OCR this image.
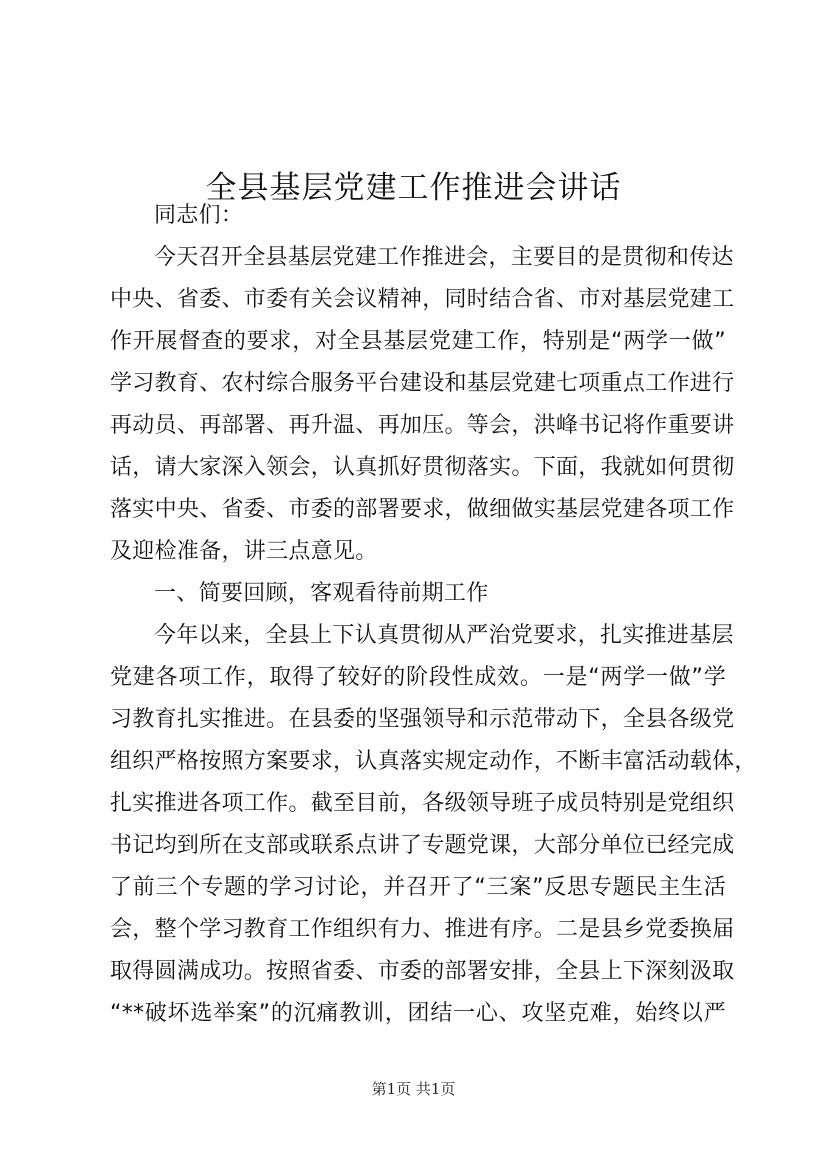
全县基层党建工作推进会讲话
同志们：
今天召开全县基层党建工作推进会，主要目的是贯彻和传达
中央、省委、市委有关会议精神，同时结合省、市对基层党建工
作开展督查的要求，对全县基层党建工作，特别是“两学一做”
学习教育、农村综合服务平台建设和基层党建七项重点工作进行
再动员、再部署、再升温、再加压。等会，洪峰书记将作重要讲
话，请大家深入领会，认真抓好贯彻落实。下面，我就如何贯彻
落实中央、省委、市委的部署要求，做细做实基层党建各项工作
及迎检准备，讲三点意见。
一、简要回顾，客观看待前期工作
今年以来，全县上下认真贯彻从严治党要求，扎实推进基层
党建各项工作，取得了较好的阶段性成效。一是“两学一做”学
习教育扎实推进。在县委的坚强领导和示范带动下，全县各级党
组织严格按照方案要求，认真落实规定动作，不断丰富活动载体，
扎实推进各项工作。截至目前，各级领导班子成员特别是党组织
书记均到所在支部或联系点讲了专题党课，大部分单位已经完成
了前三个专题的学习讨论，并召开了“三案”反思专题民主生活
会，整个学习教育工作组织有力、推进有序。二是县乡党委换届
取得圆满成功。按照省委、市委的部署安排，全县上下深刻汲取
“**破坏选举案”的沉痛教训，团结一心、攻坚克难，始终以严
第1页 共1页
